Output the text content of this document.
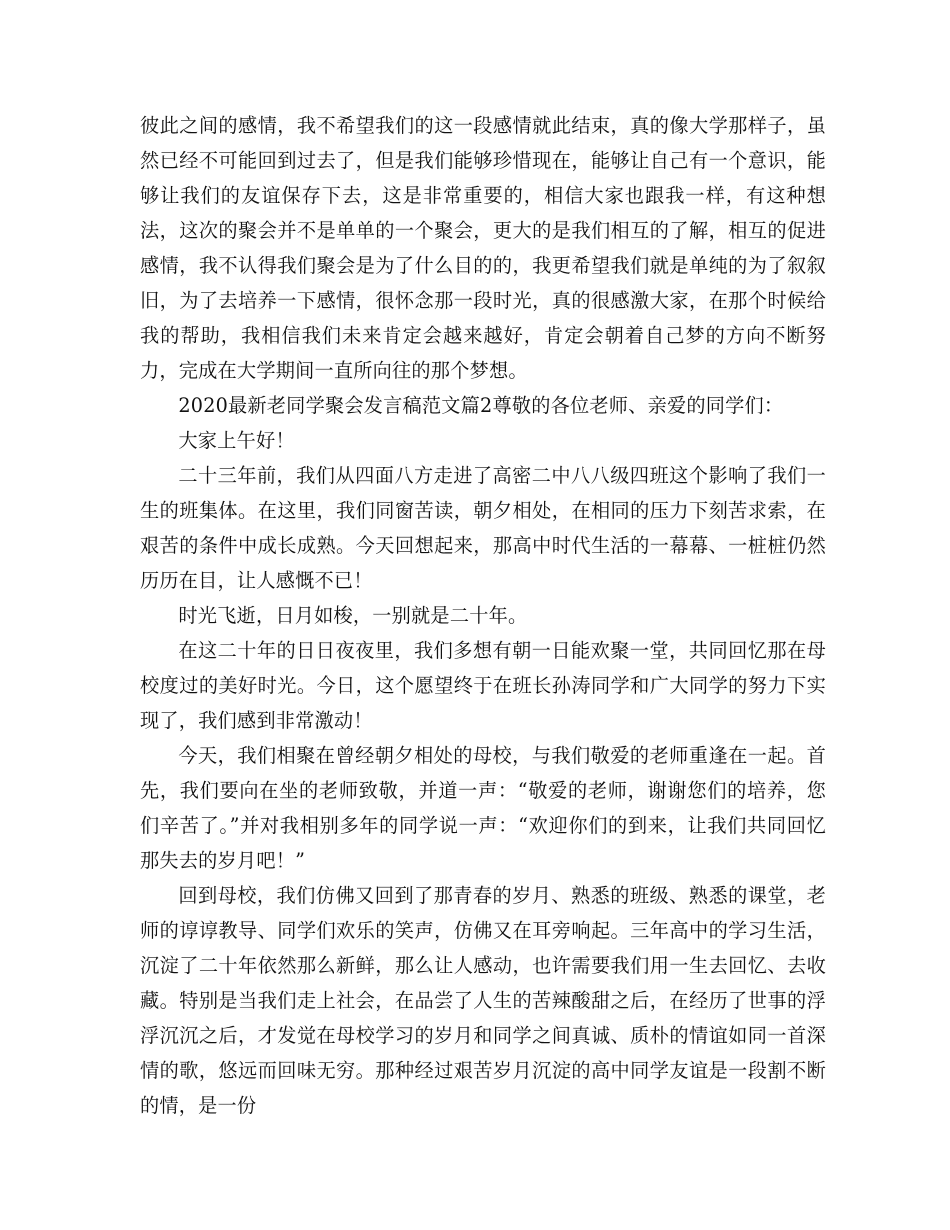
彼此之间的感情，我不希望我们的这一段感情就此结束，真的像大学那样子，虽然已经不可能回到过去了，但是我们能够珍惜现在，能够让自己有一个意识，能够让我们的友谊保存下去，这是非常重要的，相信大家也跟我一样，有这种想法，这次的聚会并不是单单的一个聚会，更大的是我们相互的了解，相互的促进感情，我不认得我们聚会是为了什么目的的，我更希望我们就是单纯的为了叙叙旧，为了去培养一下感情，很怀念那一段时光，真的很感激大家，在那个时候给我的帮助，我相信我们未来肯定会越来越好，肯定会朝着自己梦的方向不断努力，完成在大学期间一直所向往的那个梦想。

2020最新老同学聚会发言稿范文篇2尊敬的各位老师、亲爱的同学们：

大家上午好！

二十三年前，我们从四面八方走进了高密二中八八级四班这个影响了我们一生的班集体。在这里，我们同窗苦读，朝夕相处，在相同的压力下刻苦求索，在艰苦的条件中成长成熟。今天回想起来，那高中时代生活的一幕幕、一桩桩仍然历历在目，让人感慨不已！

时光飞逝，日月如梭，一别就是二十年。

在这二十年的日日夜夜里，我们多想有朝一日能欢聚一堂，共同回忆那在母校度过的美好时光。今日，这个愿望终于在班长孙涛同学和广大同学的努力下实现了，我们感到非常激动！

今天，我们相聚在曾经朝夕相处的母校，与我们敬爱的老师重逢在一起。首先，我们要向在坐的老师致敬，并道一声：“敬爱的老师，谢谢您们的培养，您们辛苦了。”并对我相别多年的同学说一声：“欢迎你们的到来，让我们共同回忆那失去的岁月吧！”

回到母校，我们仿佛又回到了那青春的岁月、熟悉的班级、熟悉的课堂，老师的谆谆教导、同学们欢乐的笑声，仿佛又在耳旁响起。三年高中的学习生活，沉淀了二十年依然那么新鲜，那么让人感动，也许需要我们用一生去回忆、去收藏。特别是当我们走上社会，在品尝了人生的苦辣酸甜之后，在经历了世事的浮浮沉沉之后，才发觉在母校学习的岁月和同学之间真诚、质朴的情谊如同一首深情的歌，悠远而回味无穷。那种经过艰苦岁月沉淀的高中同学友谊是一段割不断的情，是一份
